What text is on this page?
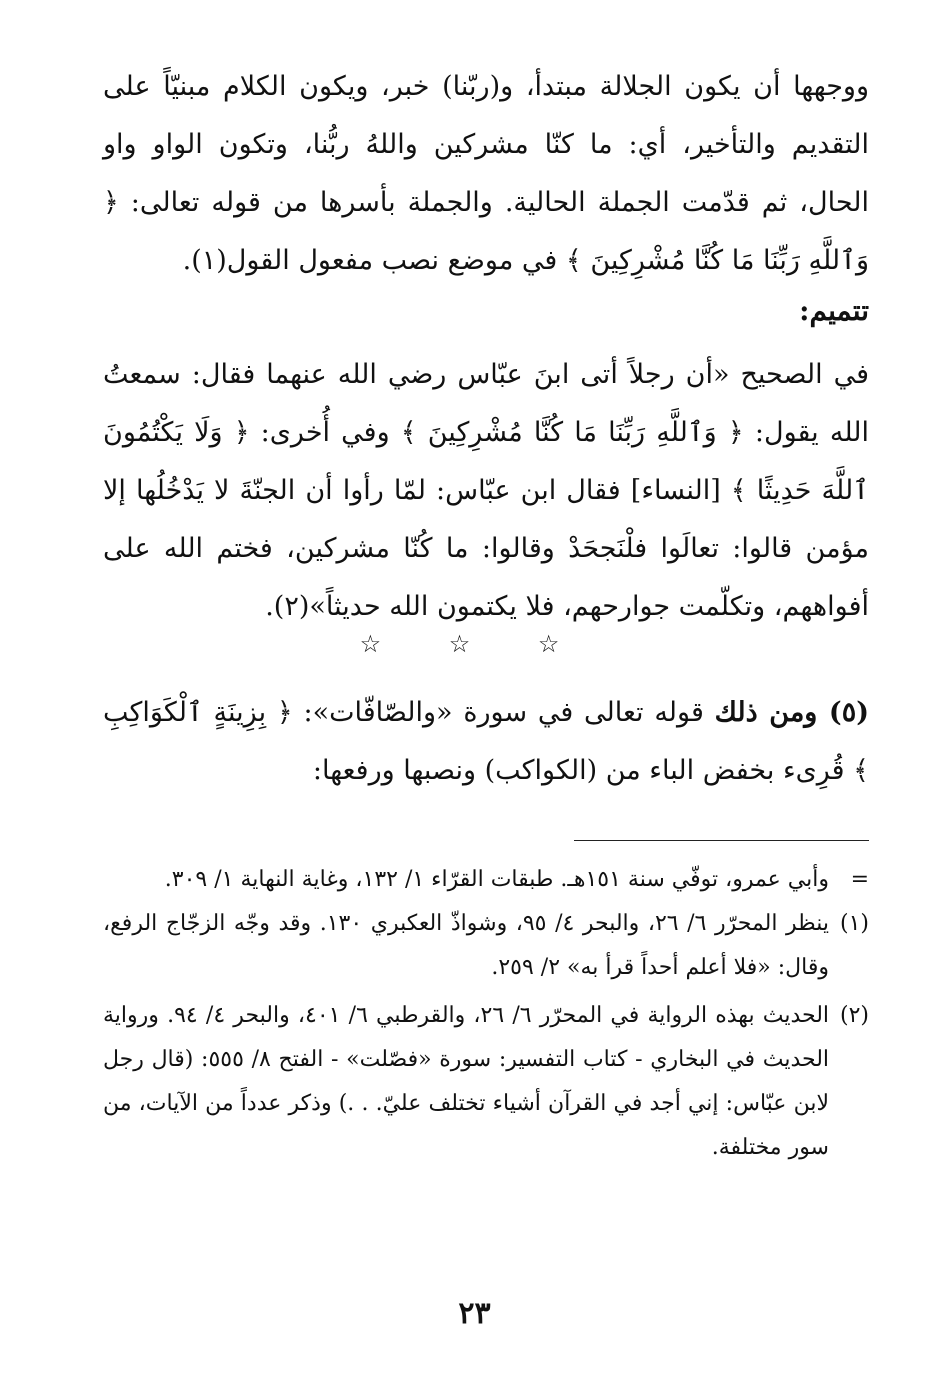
ووجهها أن يكون الجلالة مبتدأ، و(ربّنا) خبر، ويكون الكلام مبنيّاً على التقديم والتأخير، أي: ما كنّا مشركين واللهُ ربُّنا، وتكون الواو واو الحال، ثم قدّمت الجملة الحالية. والجملة بأسرها من قوله تعالى: ﴿ وَٱللَّهِ رَبِّنَا مَا كُنَّا مُشْرِكِينَ ﴾ في موضع نصب مفعول القول(١).
تتميم:
في الصحيح «أن رجلاً أتى ابنَ عبّاس رضي الله عنهما فقال: سمعتُ الله يقول: ﴿ وَٱللَّهِ رَبِّنَا مَا كُنَّا مُشْرِكِينَ ﴾ وفي أُخرى: ﴿ وَلَا يَكْتُمُونَ ٱللَّهَ حَدِيثًا ﴾ [النساء] فقال ابن عبّاس: لمّا رأوا أن الجنّةَ لا يَدْخُلُها إلا مؤمن قالوا: تعالَوا فلْنَجحَدْ وقالوا: ما كُنّا مشركين، فختم الله على أفواههم، وتكلّمت جوارحهم، فلا يكتمون الله حديثاً»(٢).
☆ ☆ ☆
(٥) ومن ذلك قوله تعالى في سورة «والصّافّات»: ﴿ بِزِينَةٍ ٱلْكَوَاكِبِ ﴾ قُرِىء بخفض الباء من (الكواكب) ونصبها ورفعها:
=
وأبي عمرو، توفّي سنة ١٥١هـ. طبقات القرّاء ١/ ١٣٢، وغاية النهاية ١/ ٣٠٩.
(١)
ينظر المحرّر ٦/ ٢٦، والبحر ٤/ ٩٥، وشواذّ العكبري ١٣٠. وقد وجّه الزجّاج الرفع، وقال: «فلا أعلم أحداً قرأ به» ٢/ ٢٥٩.
(٢)
الحديث بهذه الرواية في المحرّر ٦/ ٢٦، والقرطبي ٦/ ٤٠١، والبحر ٤/ ٩٤. ورواية الحديث في البخاري - كتاب التفسير: سورة «فصّلت» - الفتح ٨/ ٥٥٥: (قال رجل لابن عبّاس: إني أجد في القرآن أشياء تختلف عليّ. . .) وذكر عدداً من الآيات، من سور مختلفة.
٢٣
